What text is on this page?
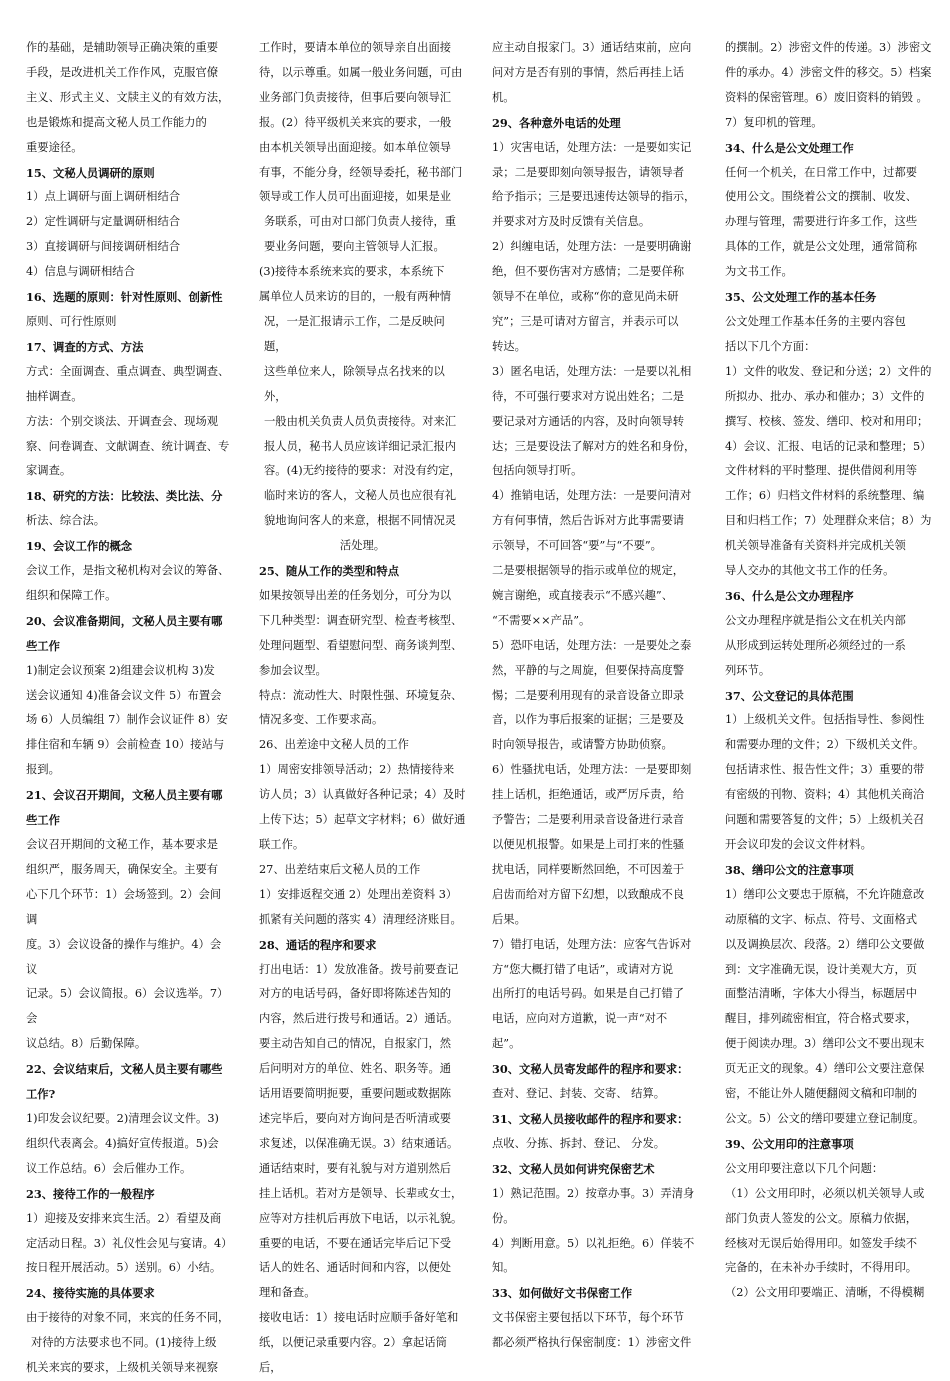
作的基础，是辅助领导正确决策的重要

手段，是改进机关工作作风，克服官僚

主义、形式主义、文牍主义的有效方法，

也是锻炼和提高文秘人员工作能力的

重要途径。

15、文秘人员调研的原则

1）点上调研与面上调研相结合

2）定性调研与定量调研相结合

3）直接调研与间接调研相结合

4）信息与调研相结合

16、选题的原则：针对性原则、创新性

原则、可行性原则

17、调查的方式、方法

方式：全面调查、重点调查、典型调查、

抽样调查。

方法：个别交谈法、开调查会、现场观

察、问卷调查、文献调查、统计调查、专

家调查。

18、研究的方法：比较法、类比法、分

析法、综合法。

19、会议工作的概念

会议工作，是指文秘机构对会议的筹备、

组织和保障工作。

20、会议准备期间，文秘人员主要有哪

些工作

1)制定会议预案 2)组建会议机构 3)发

送会议通知 4)准备会议文件 5）布置会

场 6）人员编组 7）制作会议证件 8）安

排住宿和车辆 9）会前检查 10）接站与

报到。

21、会议召开期间，文秘人员主要有哪

些工作

会议召开期间的文秘工作，基本要求是

组织严，服务周天，确保安全。主要有

心下几个环节：1）会场签到。2）会间调

度。3）会议设备的操作与维护。4）会议

记录。5）会议简报。6）会议选举。7）会

议总结。8）后勤保障。

22、会议结束后，文秘人员主要有哪些

工作?

1)印发会议纪要。2)清理会议文件。3)

组织代表离会。4)搞好宣传报道。5)会

议工作总结。6）会后催办工作。

23、接待工作的一般程序

1）迎接及安排来宾生活。2）看望及商

定活动日程。3）礼仪性会见与宴请。4）

按日程开展活动。5）送别。6）小结。

24、接待实施的具体要求

由于接待的对象不同，来宾的任务不同，

对待的方法要求也不同。(1)接待上级

机关来宾的要求，上级机关领导来视察

工作时，要请本单位的领导亲自出面接

待，以示尊重。如属一般业务问题，可由

业务部门负责接待，但事后要向领导汇

报。(2）待平级机关来宾的要求，一般

由本机关领导出面迎接。如本单位领导

有事，不能分身，经领导委托，秘书部门

领导或工作人员可出面迎接，如果是业

务联系，可由对口部门负责人接待，重

要业务问题，要向主管领导人汇报。

(3)接待本系统来宾的要求，本系统下

属单位人员来访的目的，一般有两种情

况，一是汇报请示工作，二是反映问题，

这些单位来人，除领导点名找来的以外，

一般由机关负责人员负责接待。对来汇

报人员，秘书人员应该详细记录汇报内

容。(4)无约接待的要求：对没有约定，

临时来访的客人，文秘人员也应很有礼

貌地询问客人的来意，根据不同情况灵

活处理。

25、随从工作的类型和特点

如果按领导出差的任务划分，可分为以

下几种类型：调查研究型、检查考核型、

处理问题型、看望慰问型、商务谈判型、

参加会议型。

特点：流动性大、时限性强、环境复杂、

情况多变、工作要求高。

26、出差途中文秘人员的工作

1）周密安排领导活动；2）热情接待来

访人员；3）认真做好各种记录；4）及时

上传下达；5）起草文字材料；6）做好通

联工作。

27、出差结束后文秘人员的工作

1）安排返程交通 2）处理出差资料 3）

抓紧有关问题的落实 4）清理经济账目。

28、通话的程序和要求

打出电话：1）发放准备。拨号前要查记

对方的电话号码，备好即将陈述告知的

内容，然后进行拨号和通话。2）通话。

要主动告知自己的情况，自报家门，然

后问明对方的单位、姓名、职务等。通

话用语要简明扼要，重要问题或数据陈

述完毕后，要向对方询问是否听清或要

求复述，以保准确无误。3）结束通话。

通话结束时，要有礼貌与对方道别然后

挂上话机。若对方是领导、长辈或女士，

应等对方挂机后再放下电话，以示礼貌。

重要的电话，不要在通话完毕后记下受

话人的姓名、通话时间和内容，以便处

理和备查。

接收电话：1）接电话时应顺手备好笔和

纸，以便记录重要内容。2）拿起话筒后，

应主动自报家门。3）通话结束前，应向

问对方是否有别的事情，然后再挂上话

机。

29、各种意外电话的处理

1）灾害电话，处理方法：一是要如实记

录；二是要即刻向领导报告，请领导者

给予指示；三是要迅速传达领导的指示，

并要求对方及时反馈有关信息。

2）纠缠电话，处理方法：一是要明确谢

绝，但不要伤害对方感情；二是要佯称

领导不在单位，或称“你的意见尚未研

究”；三是可请对方留言，并表示可以

转达。

3）匿名电话，处理方法：一是要以礼相

待，不可强行要求对方说出姓名；二是

要记录对方通话的内容，及时向领导转

达；三是要设法了解对方的姓名和身份，

包括向领导打听。

4）推销电话，处理方法：一是要问清对

方有何事情，然后告诉对方此事需要请

示领导，不可回答“要”与“不要”。

二是要根据领导的指示或单位的规定，

婉言谢绝，或直接表示“不感兴趣”、

“不需要××产品”。

5）恐吓电话，处理方法：一是要处之泰

然，平静的与之周旋，但要保持高度警

惕；二是要利用现有的录音设备立即录

音，以作为事后报案的证据；三是要及

时向领导报告，或请警方协助侦察。

6）性骚扰电话，处理方法：一是要即刻

挂上话机，拒绝通话，或严厉斥责，给

予警告；二是要利用录音设备进行录音

以便见机报警。如果是上司打来的性骚

扰电话，同样要断然回绝，不可因羞于

启齿而给对方留下幻想，以致酿成不良

后果。

7）错打电话，处理方法：应客气告诉对

方“您大概打错了电话”，或请对方说

出所打的电话号码。如果是自己打错了

电话，应向对方道歉，说一声“对不

起”。

30、文秘人员寄发邮件的程序和要求：

查对、登记、封装、交寄、 结算。

31、文秘人员接收邮件的程序和要求：

点收、分拣、拆封、登记、 分发。

32、文秘人员如何讲究保密艺术

1）熟记范围。2）按章办事。3）弄清身份。

4）判断用意。5）以礼拒绝。6）佯装不知。

33、如何做好文书保密工作

文书保密主要包括以下环节，每个环节

都必须严格执行保密制度：1）涉密文件

的撰制。2）涉密文件的传递。3）涉密文

件的承办。4）涉密文件的移交。5）档案

资料的保密管理。6）废旧资料的销毁 。

7）复印机的管理。

34、什么是公文处理工作

任何一个机关，在日常工作中，过都要

使用公文。围绕着公文的撰制、收发、

办理与管理，需要进行许多工作，这些

具体的工作，就是公文处理，通常简称

为文书工作。

35、公文处理工作的基本任务

公文处理工作基本任务的主要内容包

括以下几个方面：

1）文件的收发、登记和分送；2）文件的

所拟办、批办、承办和催办；3）文件的

撰写、校核、签发、缮印、校对和用印；

4）会议、汇报、电话的记录和整理；5）

文件材料的平时整理、提供借阅利用等

工作；6）归档文件材料的系统整理、编

目和归档工作；7）处理群众来信；8）为

机关领导准备有关资料并完成机关领

导人交办的其他文书工作的任务。

36、什么是公文办理程序

公文办理程序就是指公文在机关内部

从形成到运转处理所必须经过的一系

列环节。

37、公文登记的具体范围

1）上级机关文件。包括指导性、参阅性

和需要办理的文件；2）下级机关文件。

包括请求性、报告性文件；3）重要的带

有密级的刊物、资料；4）其他机关商洽

问题和需要答复的文件；5）上级机关召

开会议印发的会议文件材料。

38、缮印公文的注意事项

1）缮印公文要忠于原稿，不允许随意改

动原稿的文字、标点、符号、文面格式

以及调换层次、段落。2）缮印公文要做

到：文字准确无误，设计美观大方，页

面整洁清晰，字体大小得当，标题居中

醒目，排列疏密相宜，符合格式要求，

便于阅读办理。3）缮印公文不要出现末

页无正文的现象。4）缮印公文要注意保

密，不能让外人随便翻阅文稿和印制的

公文。5）公文的缮印要建立登记制度。

39、公文用印的注意事项

公文用印要注意以下几个问题：

（1）公文用印时，必须以机关领导人或

部门负责人签发的公文。原稿力依据，

经核对无误后始得用印。如签发手续不

完备的，在未补办手续时，不得用印。

（2）公文用印要端正、清晰，不得模糊
